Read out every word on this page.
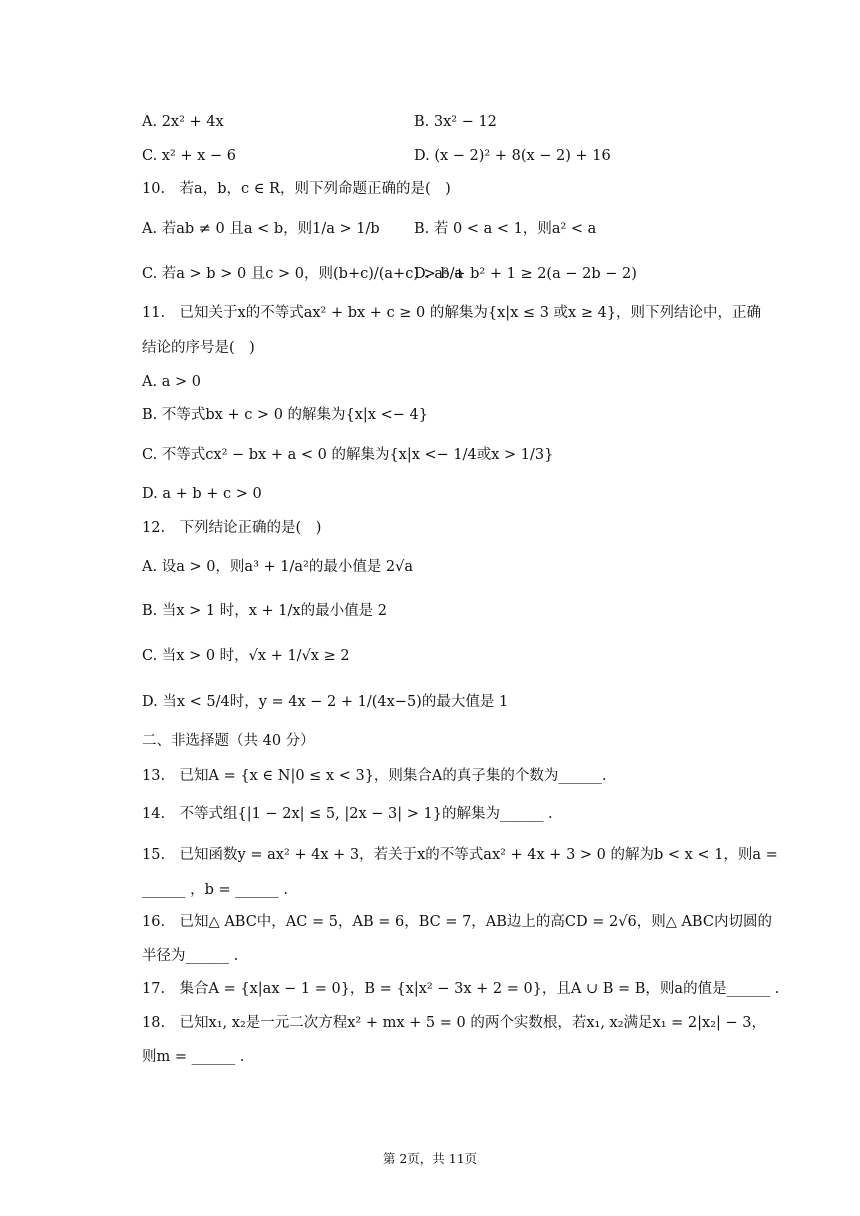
A. 2x² + 4x	B. 3x² − 12
C. x² + x − 6	D. (x − 2)² + 8(x − 2) + 16
10.　若a，b，c ∈ R，则下列命题正确的是(　)
A. 若ab ≠ 0 且a < b，则1/a > 1/b B. 若 0 < a < 1，则a² < a
C. 若a > b > 0 且c > 0，则(b+c)/(a+c) > b/a
D. a² + b² + 1 ≥ 2(a − 2b − 2)
11.　已知关于x的不等式ax² + bx + c ≥ 0 的解集为{x|x ≤ 3 或x ≥ 4}，则下列结论中，正确
结论的序号是(　)
A. a > 0
B. 不等式bx + c > 0 的解集为{x|x <− 4}
C. 不等式cx² − bx + a < 0 的解集为{x|x <− 1/4或x > 1/3}
D. a + b + c > 0
12.　下列结论正确的是(　)
A. 设a > 0，则a³ + 1/a²的最小值是 2√a
B. 当x > 1 时，x + 1/x的最小值是 2
C. 当x > 0 时，√x + 1/√x ≥ 2
D. 当x < 5/4时，y = 4x − 2 + 1/(4x−5)的最大值是 1
二、非选择题（共 40 分）
13.　已知A = {x ∈ N|0 ≤ x < 3}，则集合A的真子集的个数为______.
14.　不等式组{|1 − 2x| ≤ 5, |2x − 3| > 1}的解集为______ .
15.　已知函数y = ax² + 4x + 3，若关于x的不等式ax² + 4x + 3 > 0 的解为b < x < 1，则a =
______ ，b = ______ .
16.　已知△ ABC中，AC = 5，AB = 6，BC = 7，AB边上的高CD = 2√6，则△ ABC内切圆的
半径为______ .
17.　集合A = {x|ax − 1 = 0}，B = {x|x² − 3x + 2 = 0}，且A ∪ B = B，则a的值是______ .
18.　已知x₁, x₂是一元二次方程x² + mx + 5 = 0 的两个实数根，若x₁, x₂满足x₁ = 2|x₂| − 3，
则m = ______ .
第 2页，共 11页
